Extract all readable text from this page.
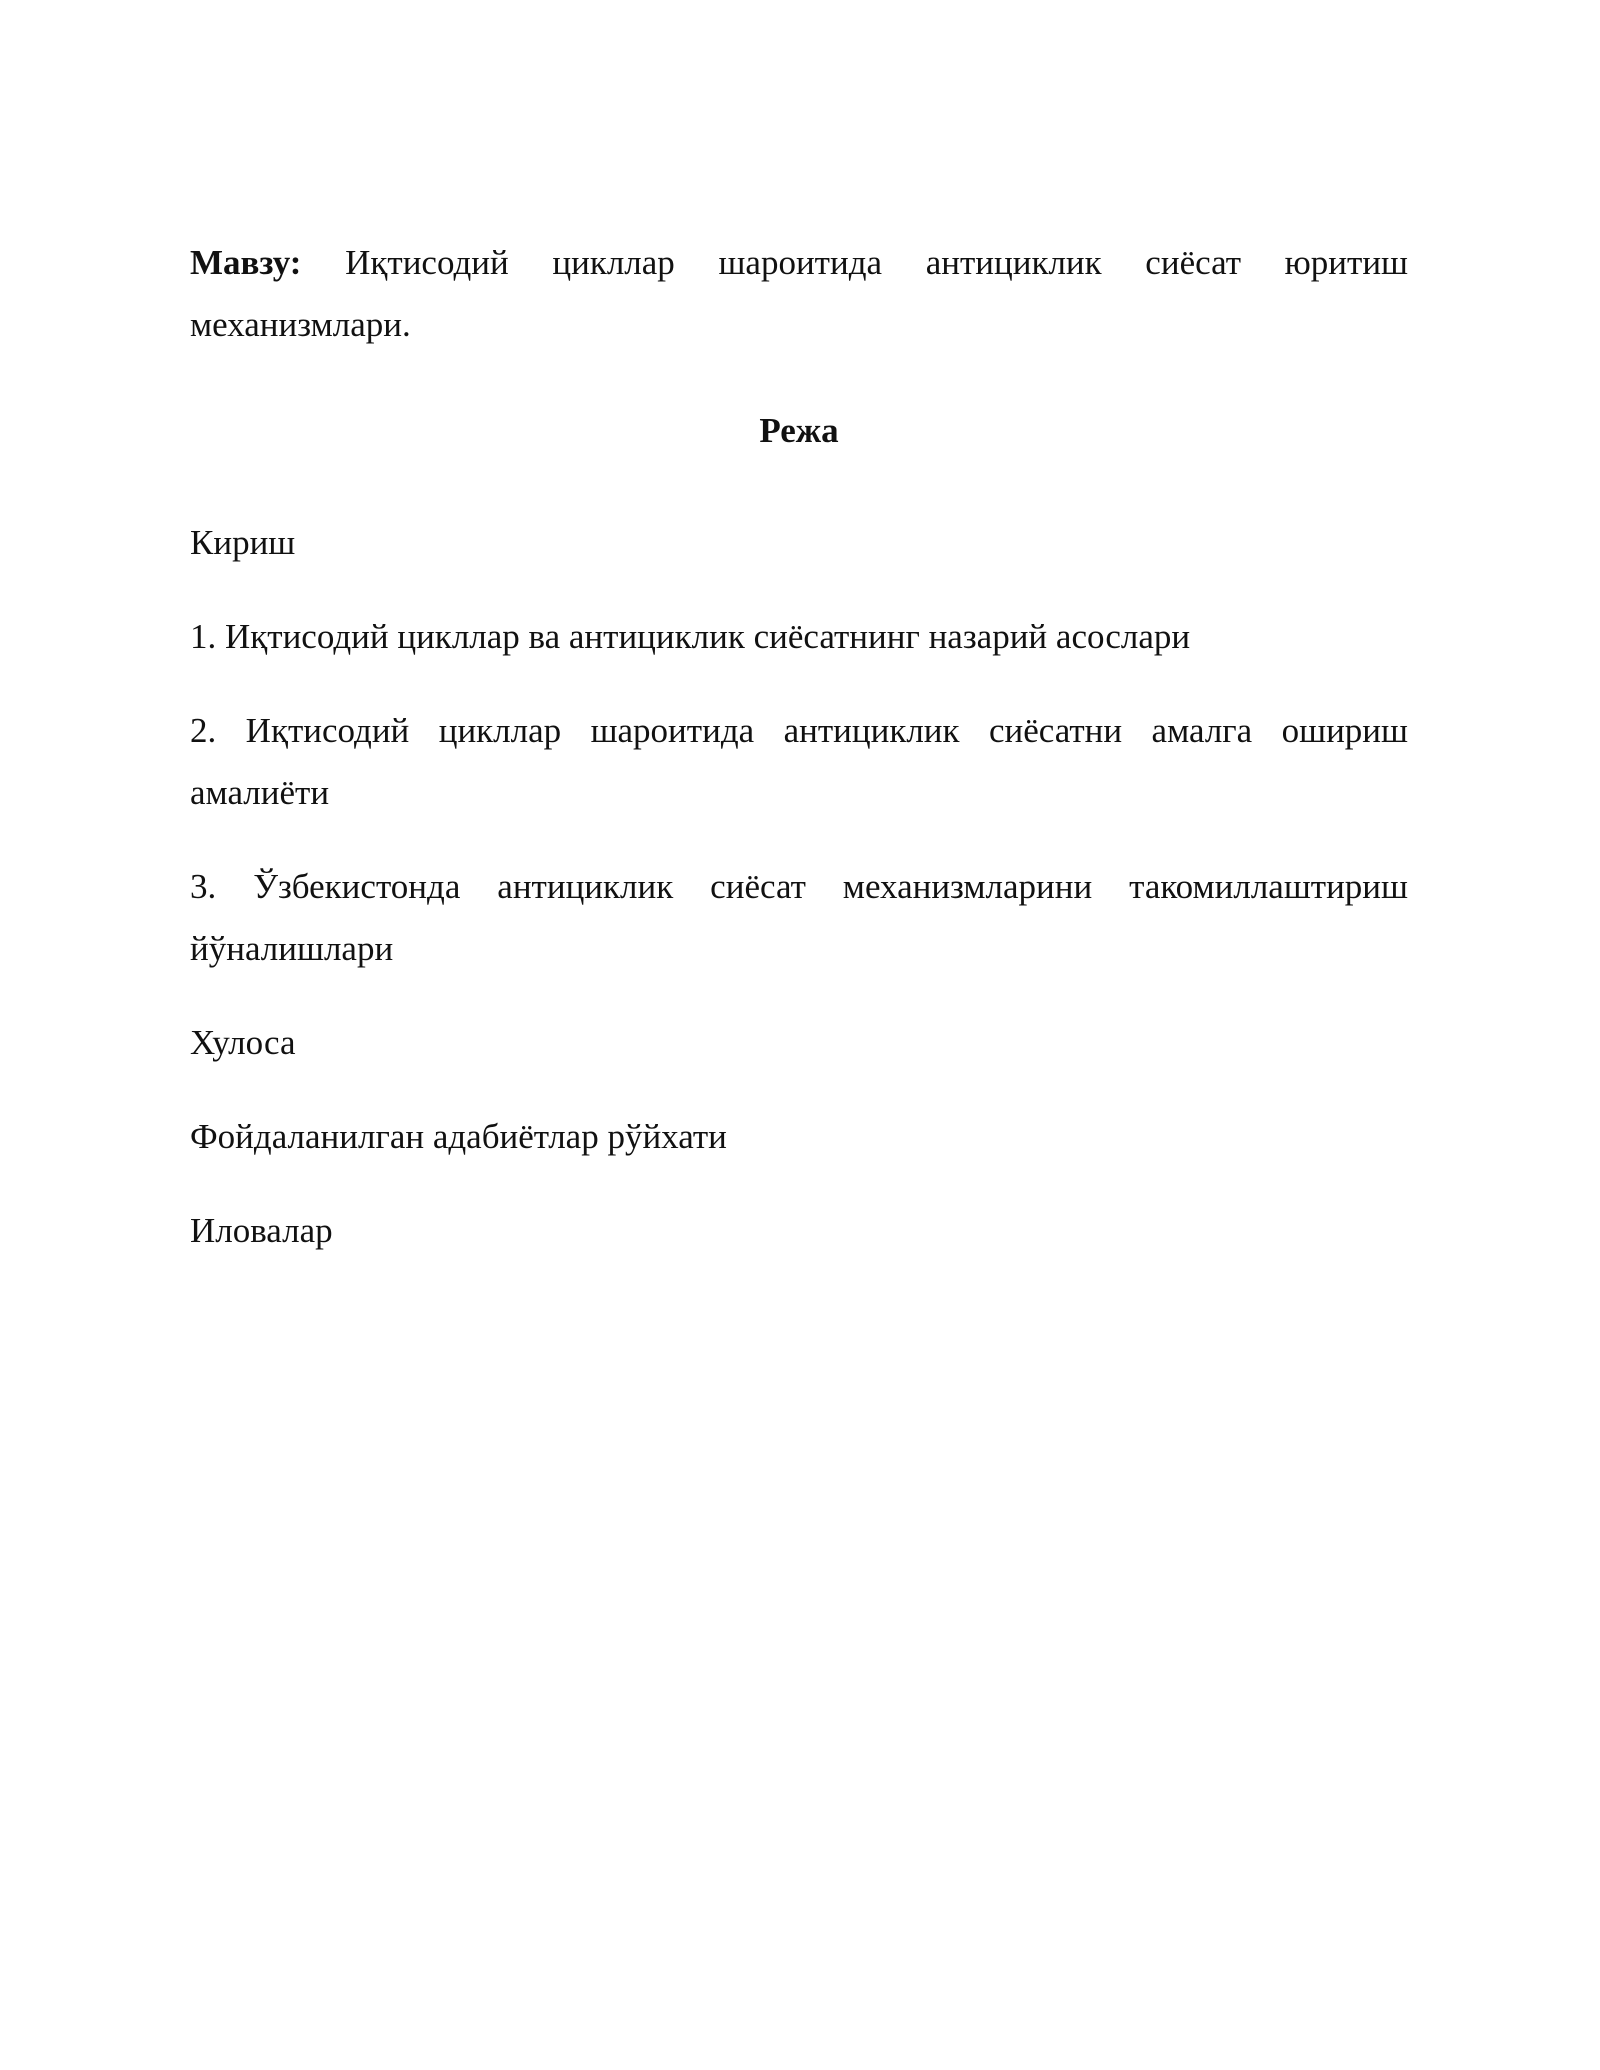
Мавзу: Иқтисодий цикллар шароитида антициклик сиёсат юритиш механизмлари.

Режа

Кириш

1. Иқтисодий цикллар ва антициклик сиёсатнинг назарий асослари

2. Иқтисодий цикллар шароитида антициклик сиёсатни амалга ошириш амалиёти

3. Ўзбекистонда антициклик сиёсат механизмларини такомиллаштириш йўналишлари

Хулоса

Фойдаланилган адабиётлар рўйхати

Иловалар
